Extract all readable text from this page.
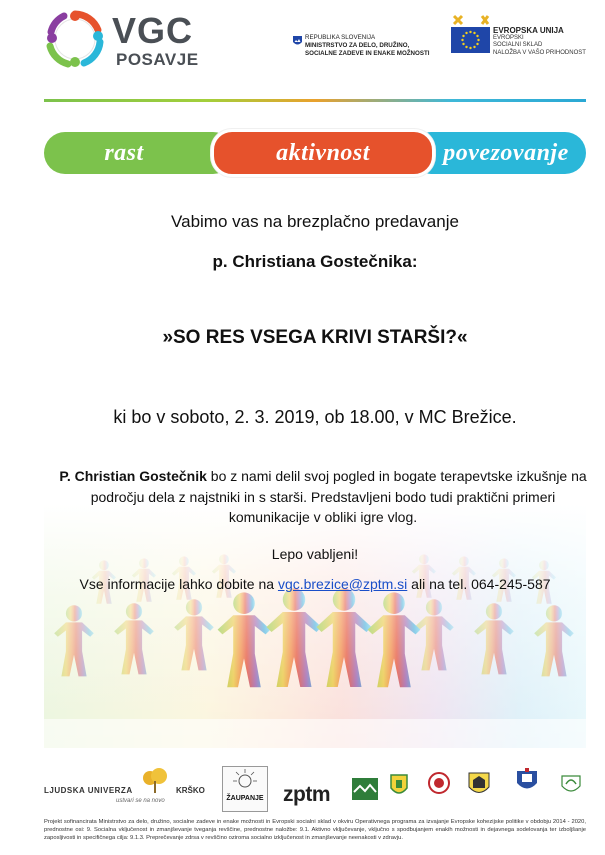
VGC
POSAVJE
REPUBLIKA SLOVENIJA
MINISTRSTVO ZA DELO, DRUŽINO,
SOCIALNE ZADEVE IN ENAKE MOŽNOSTI
EVROPSKA UNIJA
EVROPSKI
SOCIALNI SKLAD
NALOŽBA V VAŠO PRIHODNOST
rast	povezovanje
aktivnost
Vabimo vas na brezplačno predavanje
p. Christiana Gostečnika:
»SO RES VSEGA KRIVI STARŠI?«
ki bo v soboto, 2. 3. 2019, ob 18.00, v MC Brežice.
P. Christian Gostečnik bo z nami delil svoj pogled in bogate terapevtske izkušnje na področju dela z najstniki in s starši. Predstavljeni bodo tudi praktični primeri komunikacije v obliki igre vlog.
Lepo vabljeni!
Vse informacije lahko dobite na vgc.brezice@zptm.si ali na tel. 064-245-587
LJUDSKA UNIVERZA	KRŠKO
ustvari se na novo	ŽAUPANJE zptm
Projekt sofinancirata Ministrstvo za delo, družino, socialne zadeve in enake možnosti in Evropski socialni sklad v okviru Operativnega programa za izvajanje Evropske kohezijske politike v obdobju 2014 - 2020, prednostne osi: 9. Socialna vključenost in zmanjševanje tveganja revščine, prednostne naložbe: 9.1. Aktivno vključevanje, vključno s spodbujanjem enakih možnosti in dejavnega sodelovanja ter izboljšanje zaposljivosti in specifičnega cilja: 9.1.3. Preprečevanje zdrsa v revščino oziroma socialno izključenost in zmanjševanje neenakosti v zdravju.
